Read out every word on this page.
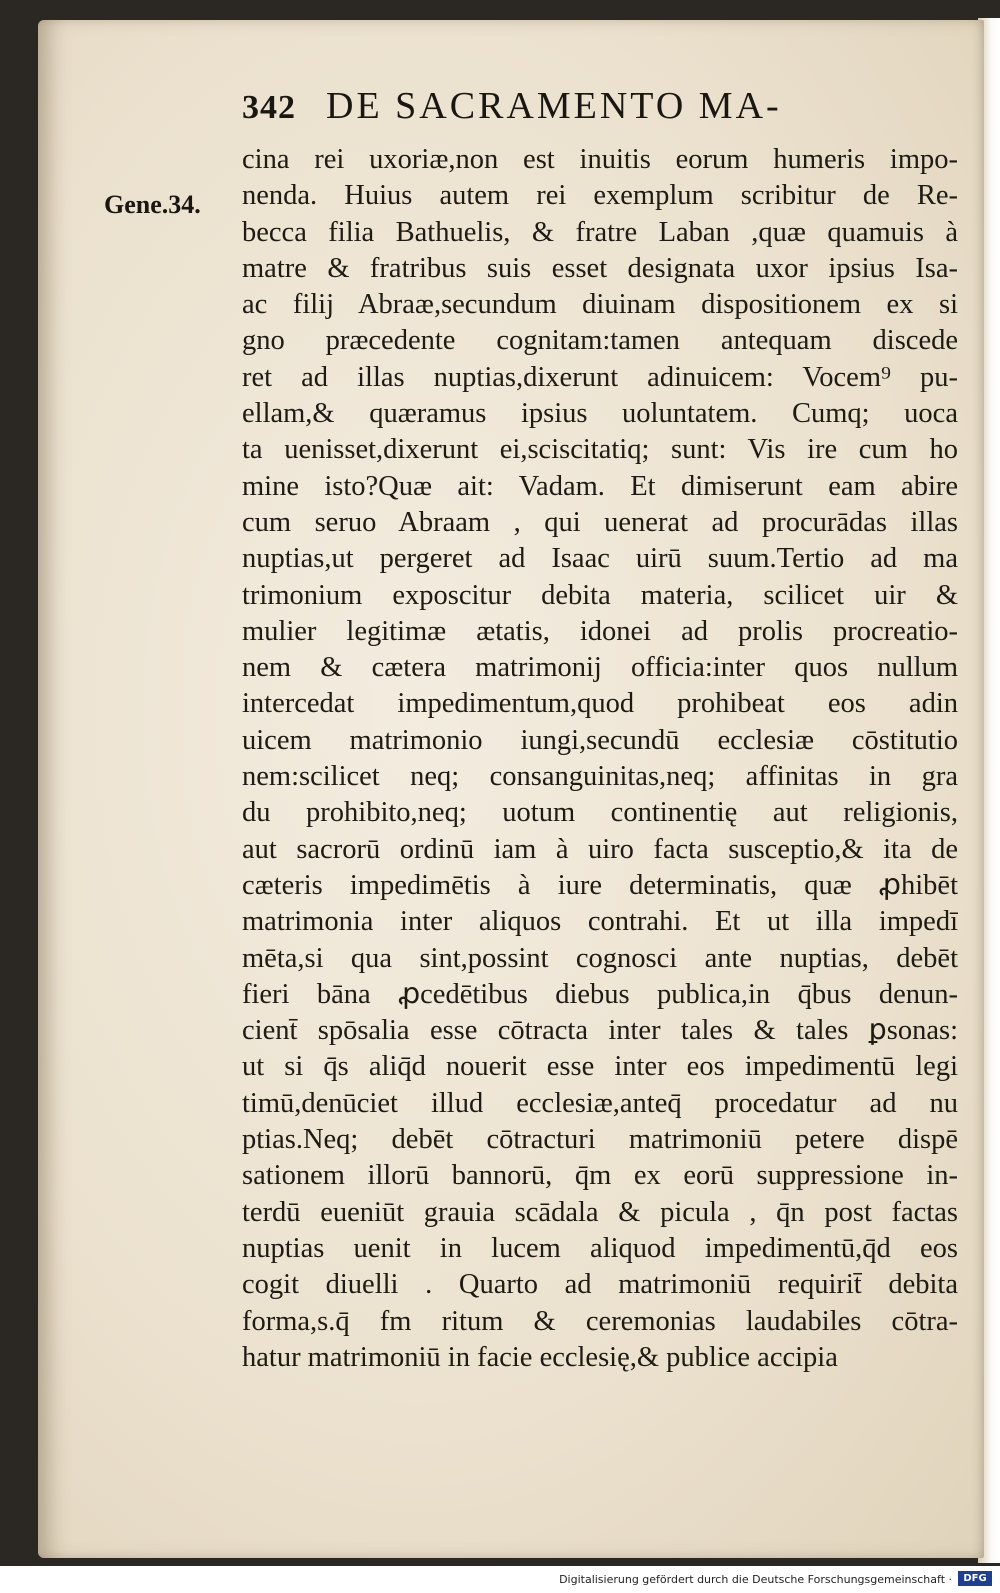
342 DE SACRAMENTO MA-
Gene.34.
cina rei uxoriæ,non est inuitis eorum humeris impo-
nenda. Huius autem rei exemplum scribitur de Re-
becca filia Bathuelis, & fratre Laban ,quæ quamuis à
matre & fratribus suis esset designata uxor ipsius Isa-
ac filij Abraæ,secundum diuinam dispositionem ex si
gno præcedente cognitam:tamen antequam discede
ret ad illas nuptias,dixerunt adinuicem: Vocem⁹ pu-
ellam,& quæramus ipsius uoluntatem. Cumq; uoca
ta uenisset,dixerunt ei,sciscitatiq; sunt: Vis ire cum ho
mine isto?Quæ ait: Vadam. Et dimiserunt eam abire
cum seruo Abraam , qui uenerat ad procurādas illas
nuptias,ut pergeret ad Isaac uirū suum.Tertio ad ma
trimonium exposcitur debita materia, scilicet uir &
mulier legitimæ ætatis, idonei ad prolis procreatio-
nem & cætera matrimonij officia:inter quos nullum
intercedat impedimentum,quod prohibeat eos adin
uicem matrimonio iungi,secundū ecclesiæ cōstitutio
nem:scilicet neq; consanguinitas,neq; affinitas in gra
du prohibito,neq; uotum continentię aut religionis,
aut sacrorū ordinū iam à uiro facta susceptio,& ita de
cæteris impedimētis à iure determinatis, quæ ꝓhibēt
matrimonia inter aliquos contrahi. Et ut illa impedī
mēta,si qua sint,possint cognosci ante nuptias, debēt
fieri bāna ꝓcedētibus diebus publica,in q̄bus denun-
cient̄ spōsalia esse cōtracta inter tales & tales ꝑsonas:
ut si q̄s aliq̄d nouerit esse inter eos impedimentū legi
timū,denūciet illud ecclesiæ,anteq̄ procedatur ad nu
ptias.Neq; debēt cōtracturi matrimoniū petere dispē
sationem illorū bannorū, q̄m ex eorū suppressione in-
terdū eueniūt grauia scādala & picula , q̄n post factas
nuptias uenit in lucem aliquod impedimentū,q̄d eos
cogit diuelli . Quarto ad matrimoniū requirit̄ debita
forma,s.q̄ fm ritum & ceremonias laudabiles cōtra-
hatur matrimoniū in facie ecclesię,& publice accipia
Digitalisierung gefördert durch die Deutsche Forschungsgemeinschaft ·	DFG
